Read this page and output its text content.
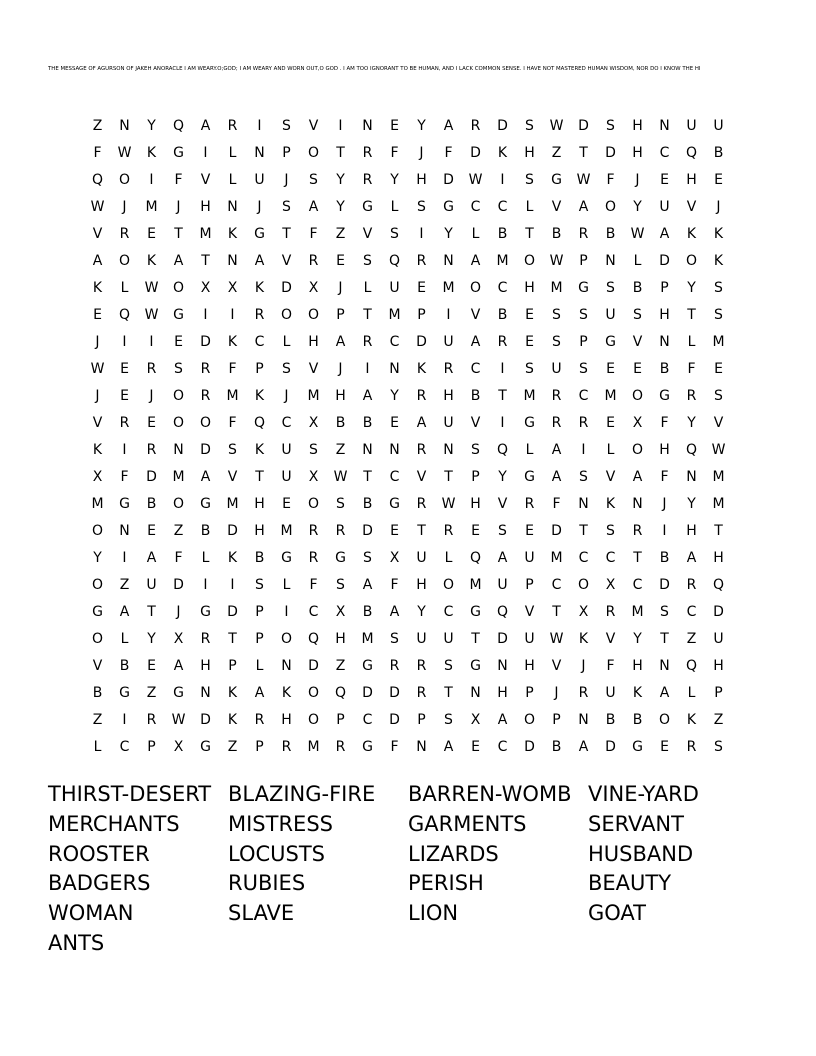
THE MESSAGE OF AGURSON OF JAKEH ANORACLE I AM WEARY.O;GOD; I AM WEARY AND WORN OUT,O GOD . I AM TOO IGNORANT TO BE HUMAN, AND I LACK COMMON SENSE. I HAVE NOT MASTERED HUMAN WISDOM, NOR DO I KNOW THE HI
Z	N	Y	Q	A	R	I	S	V	I	N	E	Y	A	R	D	S	W	D	S	H	N	U	U
F	W	K	G	I	L	N	P	O	T	R	F	J	F	D	K	H	Z	T	D	H	C	Q	B
Q	O	I	F	V	L	U	J	S	Y	R	Y	H	D	W	I	S	G	W	F	J	E	H	E
W	J	M	J	H	N	J	S	A	Y	G	L	S	G	C	C	L	V	A	O	Y	U	V	J
V	R	E	T	M	K	G	T	F	Z	V	S	I	Y	L	B	T	B	R	B	W	A	K	K
A	O	K	A	T	N	A	V	R	E	S	Q	R	N	A	M	O	W	P	N	L	D	O	K
K	L	W	O	X	X	K	D	X	J	L	U	E	M	O	C	H	M	G	S	B	P	Y	S
E	Q	W	G	I	I	R	O	O	P	T	M	P	I	V	B	E	S	S	U	S	H	T	S
J	I	I	E	D	K	C	L	H	A	R	C	D	U	A	R	E	S	P	G	V	N	L	M
W	E	R	S	R	F	P	S	V	J	I	N	K	R	C	I	S	U	S	E	E	B	F	E
J	E	J	O	R	M	K	J	M	H	A	Y	R	H	B	T	M	R	C	M	O	G	R	S
V	R	E	O	O	F	Q	C	X	B	B	E	A	U	V	I	G	R	R	E	X	F	Y	V
K	I	R	N	D	S	K	U	S	Z	N	N	R	N	S	Q	L	A	I	L	O	H	Q	W
X	F	D	M	A	V	T	U	X	W	T	C	V	T	P	Y	G	A	S	V	A	F	N	M
M	G	B	O	G	M	H	E	O	S	B	G	R	W	H	V	R	F	N	K	N	J	Y	M
O	N	E	Z	B	D	H	M	R	R	D	E	T	R	E	S	E	D	T	S	R	I	H	T
Y	I	A	F	L	K	B	G	R	G	S	X	U	L	Q	A	U	M	C	C	T	B	A	H
O	Z	U	D	I	I	S	L	F	S	A	F	H	O	M	U	P	C	O	X	C	D	R	Q
G	A	T	J	G	D	P	I	C	X	B	A	Y	C	G	Q	V	T	X	R	M	S	C	D
O	L	Y	X	R	T	P	O	Q	H	M	S	U	U	T	D	U	W	K	V	Y	T	Z	U
V	B	E	A	H	P	L	N	D	Z	G	R	R	S	G	N	H	V	J	F	H	N	Q	H
B	G	Z	G	N	K	A	K	O	Q	D	D	R	T	N	H	P	J	R	U	K	A	L	P
Z	I	R	W	D	K	R	H	O	P	C	D	P	S	X	A	O	P	N	B	B	O	K	Z
L	C	P	X	G	Z	P	R	M	R	G	F	N	A	E	C	D	B	A	D	G	E	R	S
THIRST-DESERT BLAZING-FIRE	BARREN-WOMB VINE-YARD
MERCHANTS	MISTRESS	GARMENTS	SERVANT
ROOSTER	LOCUSTS	LIZARDS	HUSBAND
BADGERS	RUBIES	PERISH	BEAUTY
WOMAN	SLAVE	LION	GOAT
ANTS
